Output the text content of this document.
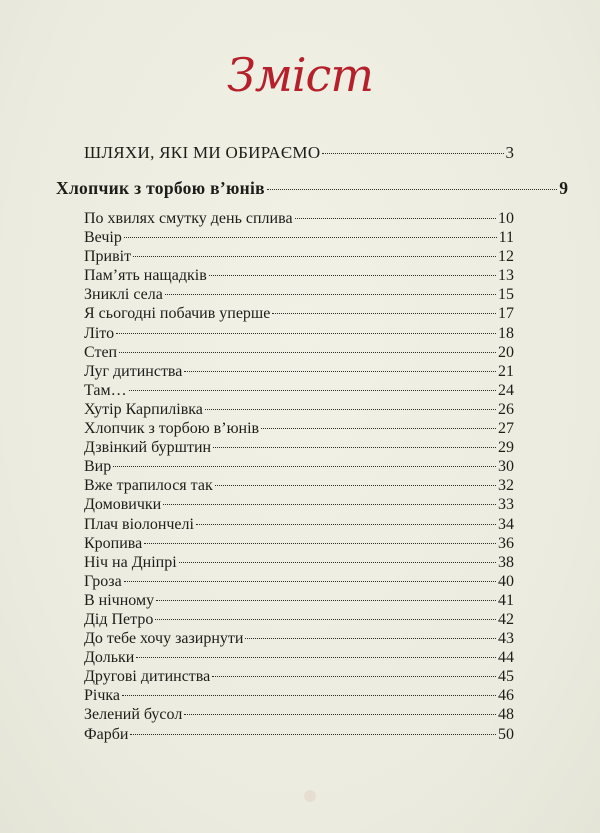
Зміст
ШЛЯХИ, ЯКІ МИ ОБИРАЄМО	3
Хлопчик з торбою в’юнів	9
По хвилях смутку день сплива	10
Вечір	11
Привіт	12
Пам’ять нащадків	13
Зниклі села	15
Я сьогодні побачив уперше	17
Літо	18
Степ	20
Луг дитинства	21
Там…	24
Хутір Карпилівка	26
Хлопчик з торбою в’юнів	27
Дзвінкий бурштин	29
Вир	30
Вже трапилося так	32
Домовички	33
Плач віолончелі	34
Кропива	36
Ніч на Дніпрі	38
Гроза	40
В нічному	41
Дід Петро	42
До тебе хочу зазирнути	43
Дольки	44
Другові дитинства	45
Річка	46
Зелений бусол	48
Фарби	50
